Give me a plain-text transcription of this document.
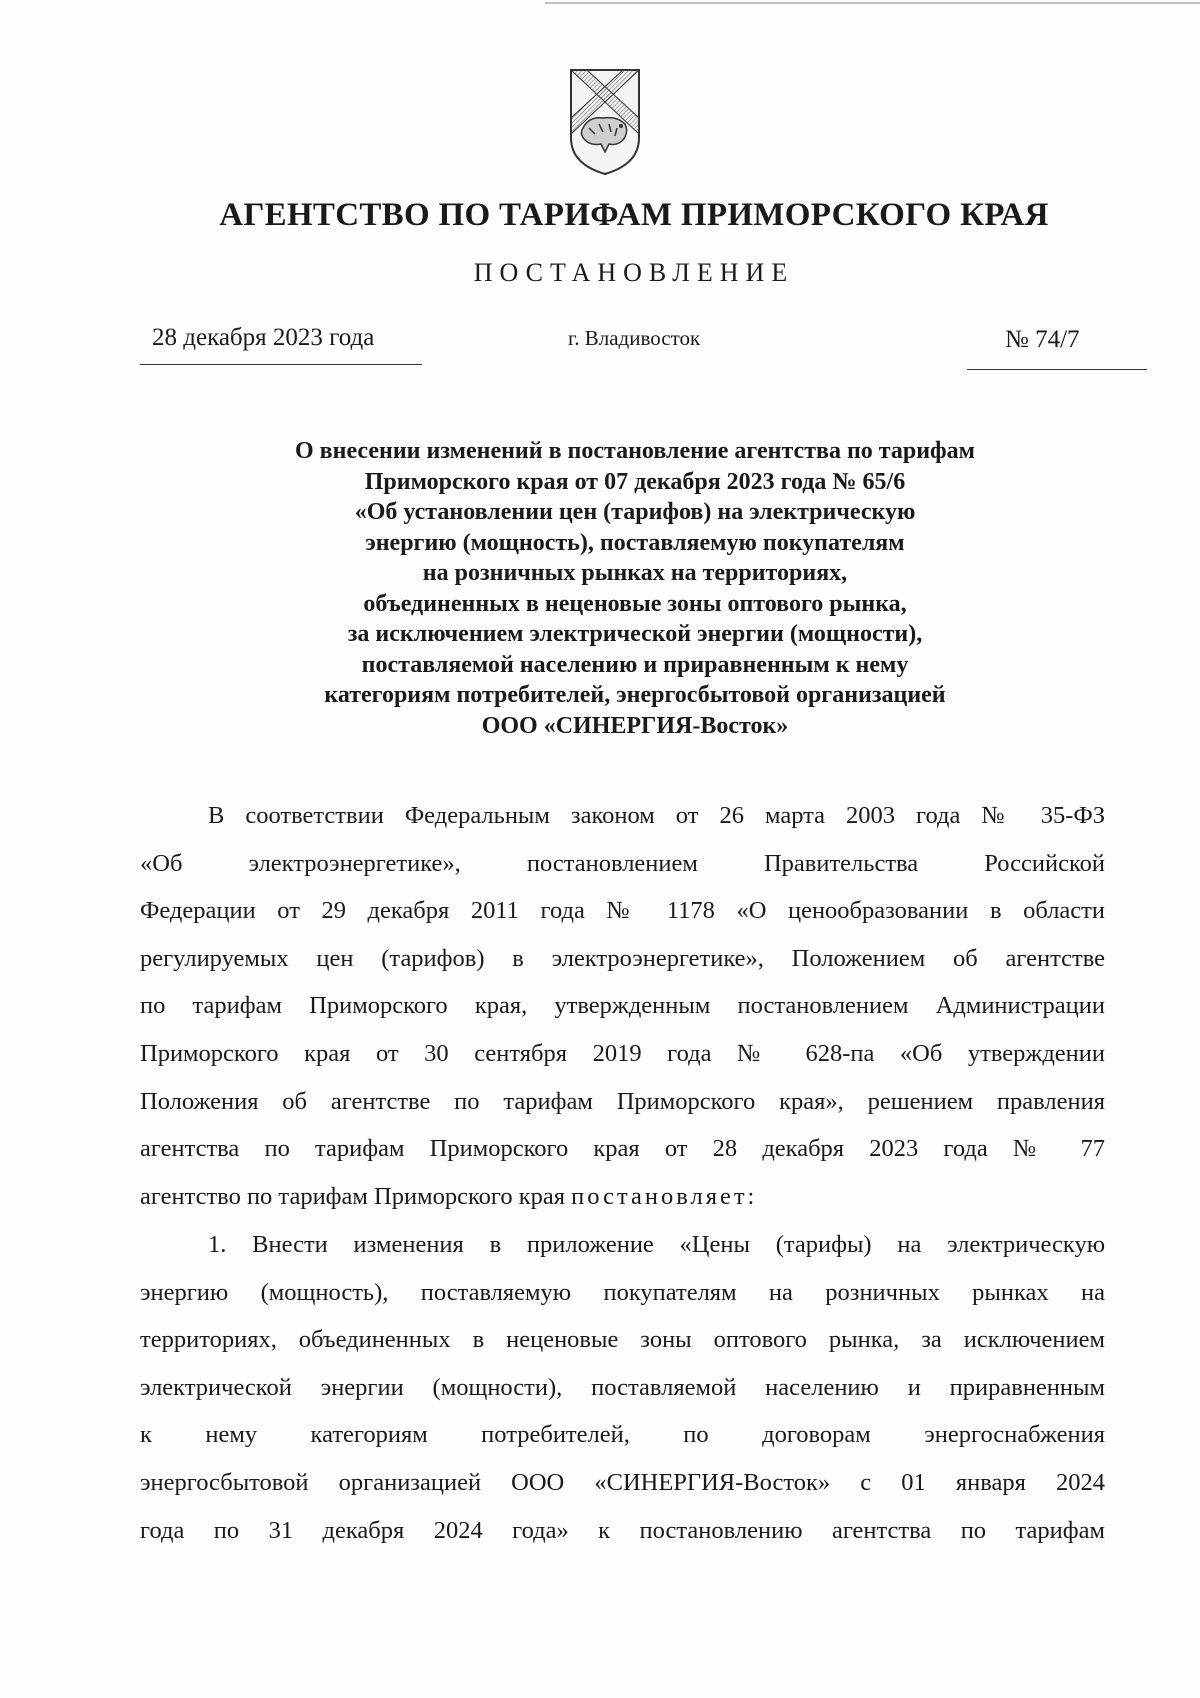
АГЕНТСТВО ПО ТАРИФАМ ПРИМОРСКОГО КРАЯ
ПОСТАНОВЛЕНИЕ
28 декабря 2023 года	г. Владивосток	№ 74/7
О внесении изменений в постановление агентства по тарифам
Приморского края от 07 декабря 2023 года № 65/6
«Об установлении цен (тарифов) на электрическую
энергию (мощность), поставляемую покупателям
на розничных рынках на территориях,
объединенных в неценовые зоны оптового рынка,
за исключением электрической энергии (мощности),
поставляемой населению и приравненным к нему
категориям потребителей, энергосбытовой организацией
ООО «СИНЕРГИЯ-Восток»
В соответствии Федеральным законом от 26 марта 2003 года № 35-ФЗ
«Об электроэнергетике», постановлением Правительства Российской
Федерации от 29 декабря 2011 года № 1178 «О ценообразовании в области
регулируемых цен (тарифов) в электроэнергетике», Положением об агентстве
по тарифам Приморского края, утвержденным постановлением Администрации
Приморского края от 30 сентября 2019 года № 628-па «Об утверждении
Положения об агентстве по тарифам Приморского края», решением правления
агентства по тарифам Приморского края от 28 декабря 2023 года № 77
агентство по тарифам Приморского края постановляет:
1. Внести изменения в приложение «Цены (тарифы) на электрическую
энергию (мощность), поставляемую покупателям на розничных рынках на
территориях, объединенных в неценовые зоны оптового рынка, за исключением
электрической энергии (мощности), поставляемой населению и приравненным
к нему категориям потребителей, по договорам энергоснабжения
энергосбытовой организацией ООО «СИНЕРГИЯ-Восток» с 01 января 2024
года по 31 декабря 2024 года» к постановлению агентства по тарифам
